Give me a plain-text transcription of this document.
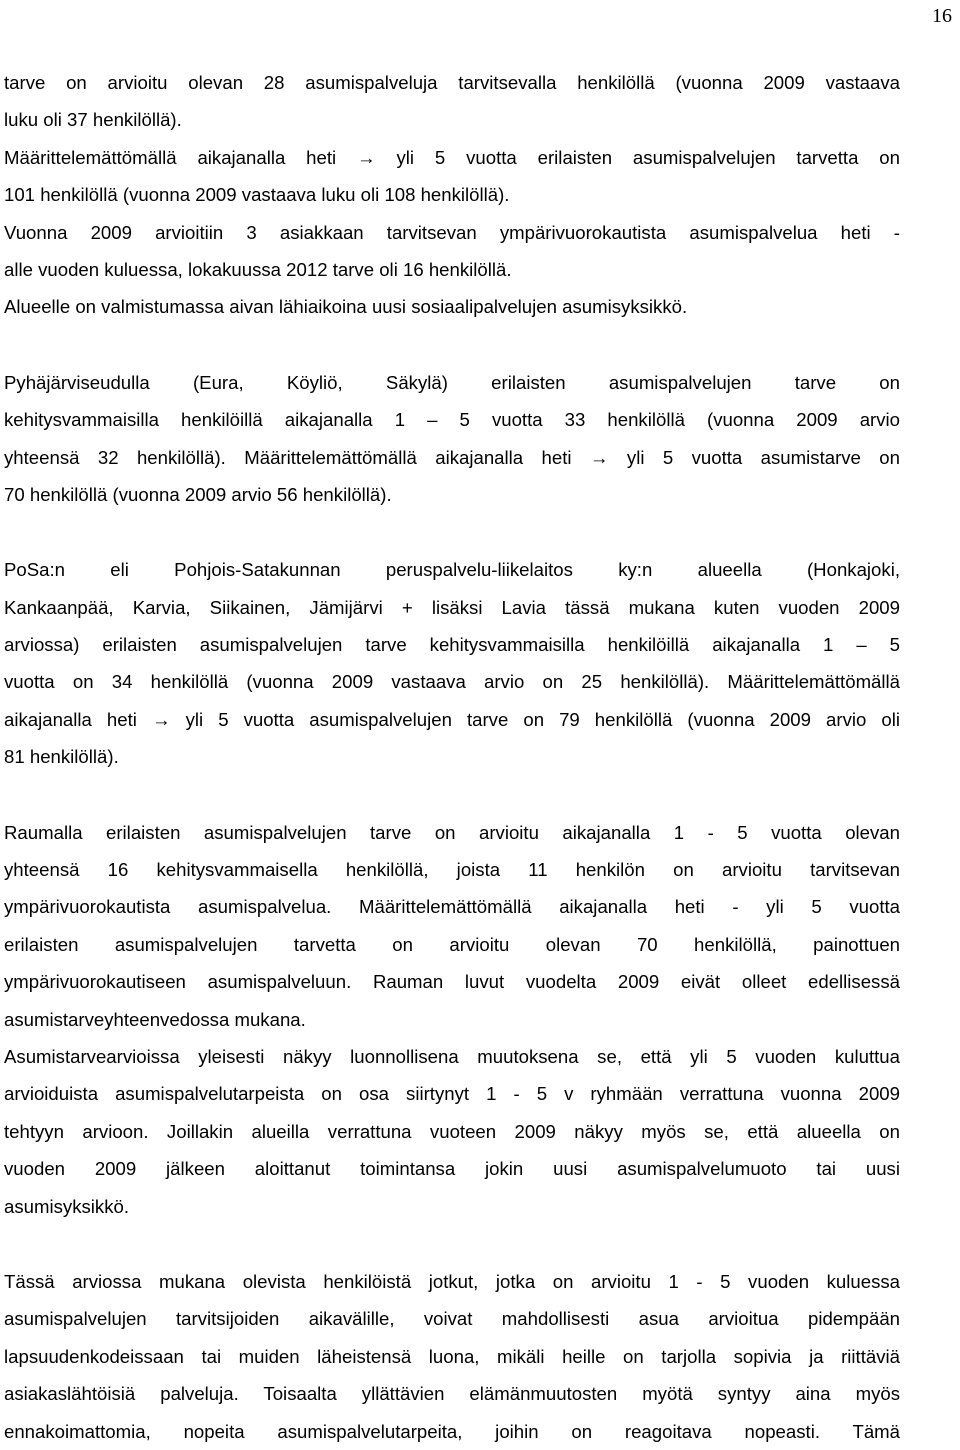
16
tarve on arvioitu olevan 28 asumispalveluja tarvitsevalla henkilöllä (vuonna 2009 vastaava
luku oli 37 henkilöllä).
Määrittelemättömällä aikajanalla heti → yli 5 vuotta erilaisten asumispalvelujen tarvetta on
101 henkilöllä (vuonna 2009 vastaava luku oli 108 henkilöllä).
Vuonna 2009 arvioitiin 3 asiakkaan tarvitsevan ympärivuorokautista asumispalvelua heti -
alle vuoden kuluessa, lokakuussa 2012 tarve oli 16 henkilöllä.
Alueelle on valmistumassa aivan lähiaikoina uusi sosiaalipalvelujen asumisyksikkö.
Pyhäjärviseudulla (Eura, Köyliö, Säkylä) erilaisten asumispalvelujen tarve on
kehitysvammaisilla henkilöillä aikajanalla 1 – 5 vuotta 33 henkilöllä (vuonna 2009 arvio
yhteensä 32 henkilöllä). Määrittelemättömällä aikajanalla heti → yli 5 vuotta asumistarve on
70 henkilöllä (vuonna 2009 arvio 56 henkilöllä).
PoSa:n eli Pohjois-Satakunnan peruspalvelu-liikelaitos ky:n alueella (Honkajoki,
Kankaanpää, Karvia, Siikainen, Jämijärvi + lisäksi Lavia tässä mukana kuten vuoden 2009
arviossa) erilaisten asumispalvelujen tarve kehitysvammaisilla henkilöillä aikajanalla 1 – 5
vuotta on 34 henkilöllä (vuonna 2009 vastaava arvio on 25 henkilöllä). Määrittelemättömällä
aikajanalla heti → yli 5 vuotta asumispalvelujen tarve on 79 henkilöllä (vuonna 2009 arvio oli
81 henkilöllä).
Raumalla erilaisten asumispalvelujen tarve on arvioitu aikajanalla 1 - 5 vuotta olevan
yhteensä 16 kehitysvammaisella henkilöllä, joista 11 henkilön on arvioitu tarvitsevan
ympärivuorokautista asumispalvelua. Määrittelemättömällä aikajanalla heti - yli 5 vuotta
erilaisten asumispalvelujen tarvetta on arvioitu olevan 70 henkilöllä, painottuen
ympärivuorokautiseen asumispalveluun. Rauman luvut vuodelta 2009 eivät olleet edellisessä
asumistarveyhteenvedossa mukana.
Asumistarvearvioissa yleisesti näkyy luonnollisena muutoksena se, että yli 5 vuoden kuluttua
arvioiduista asumispalvelutarpeista on osa siirtynyt 1 - 5 v ryhmään verrattuna vuonna 2009
tehtyyn arvioon. Joillakin alueilla verrattuna vuoteen 2009 näkyy myös se, että alueella on
vuoden 2009 jälkeen aloittanut toimintansa jokin uusi asumispalvelumuoto tai uusi
asumisyksikkö.
Tässä arviossa mukana olevista henkilöistä jotkut, jotka on arvioitu 1 - 5 vuoden kuluessa
asumispalvelujen tarvitsijoiden aikavälille, voivat mahdollisesti asua arvioitua pidempään
lapsuudenkodeissaan tai muiden läheistensä luona, mikäli heille on tarjolla sopivia ja riittäviä
asiakaslähtöisiä palveluja. Toisaalta yllättävien elämänmuutosten myötä syntyy aina myös
ennakoimattomia, nopeita asumispalvelutarpeita, joihin on reagoitava nopeasti. Tämä
